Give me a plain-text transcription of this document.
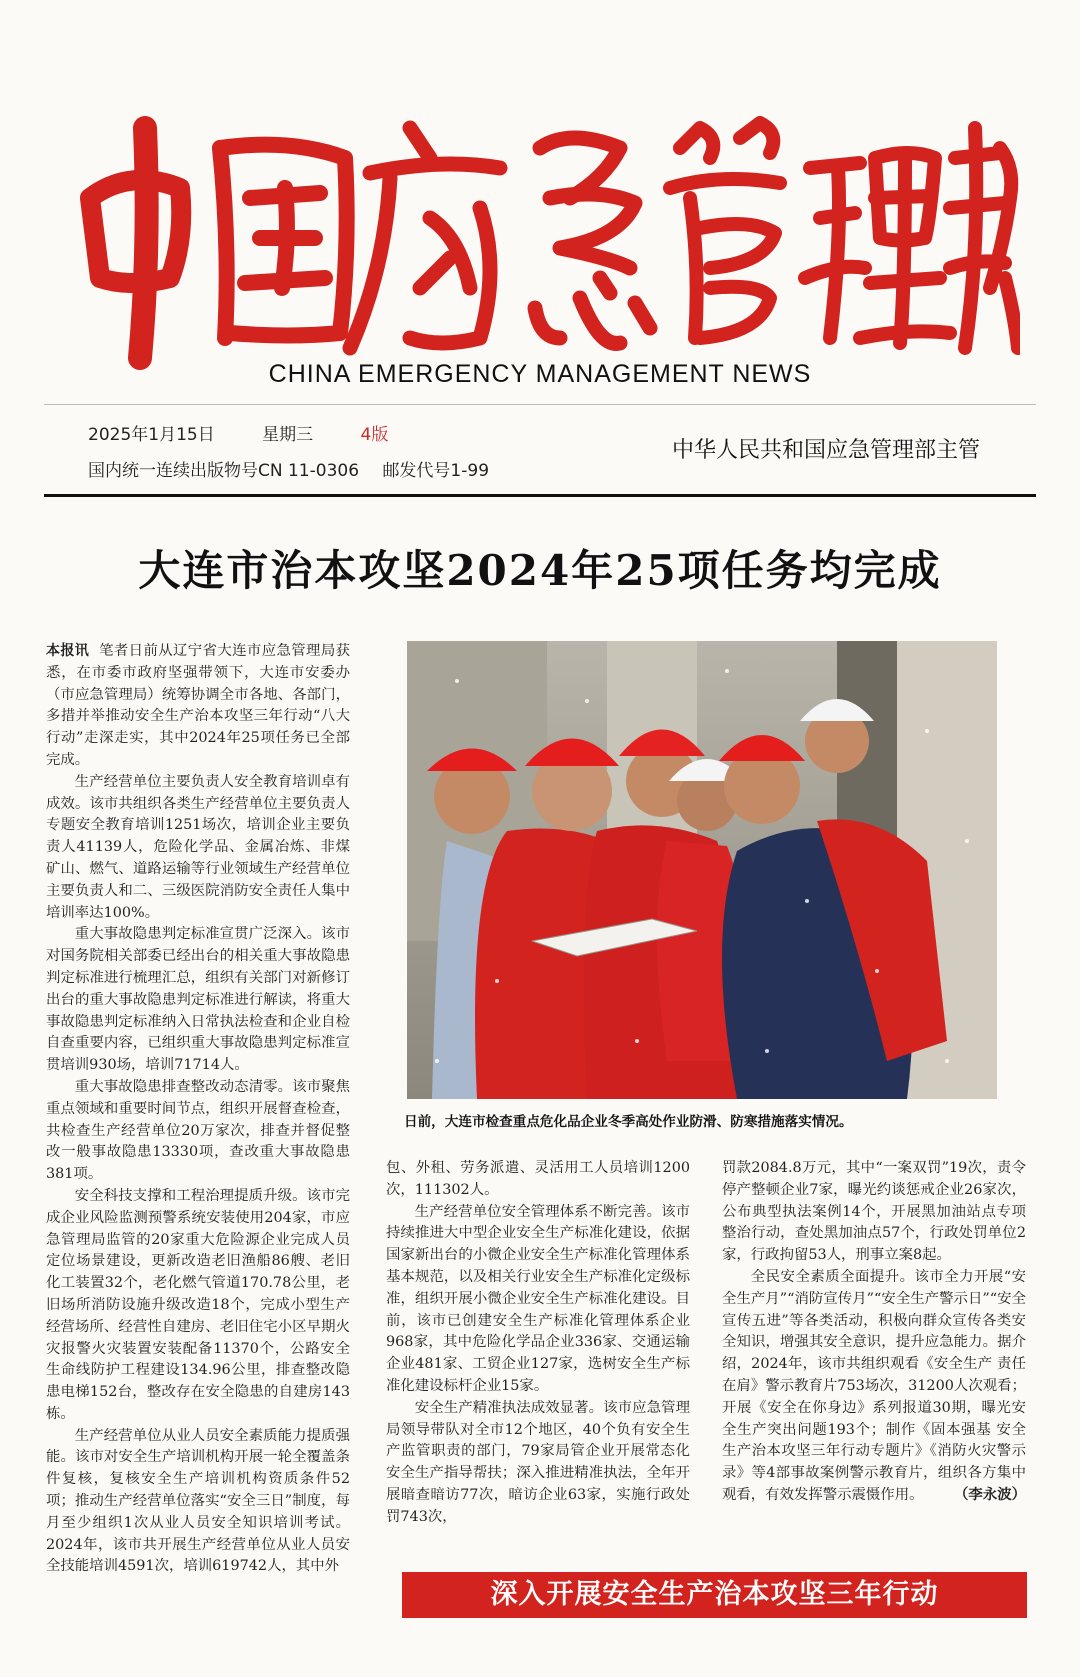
CHINA EMERGENCY MANAGEMENT NEWS
2025年1月15日	星期三	4版
国内统一连续出版物号CN 11-0306 邮发代号1-99
中华人民共和国应急管理部主管
大连市治本攻坚2024年25项任务均完成

本报讯 笔者日前从辽宁省大连市应急管理局获悉，在市委市政府坚强带领下，大连市安委办（市应急管理局）统筹协调全市各地、各部门，多措并举推动安全生产治本攻坚三年行动“八大行动”走深走实，其中2024年25项任务已全部完成。

生产经营单位主要负责人安全教育培训卓有成效。该市共组织各类生产经营单位主要负责人专题安全教育培训1251场次，培训企业主要负责人41139人，危险化学品、金属冶炼、非煤矿山、燃气、道路运输等行业领域生产经营单位主要负责人和二、三级医院消防安全责任人集中培训率达100%。

重大事故隐患判定标准宣贯广泛深入。该市对国务院相关部委已经出台的相关重大事故隐患判定标准进行梳理汇总，组织有关部门对新修订出台的重大事故隐患判定标准进行解读，将重大事故隐患判定标准纳入日常执法检查和企业自检自查重要内容，已组织重大事故隐患判定标准宣贯培训930场，培训71714人。

重大事故隐患排查整改动态清零。该市聚焦重点领域和重要时间节点，组织开展督查检查，共检查生产经营单位20万家次，排查并督促整改一般事故隐患13330项，查改重大事故隐患381项。

安全科技支撑和工程治理提质升级。该市完成企业风险监测预警系统安装使用204家，市应急管理局监管的20家重大危险源企业完成人员定位场景建设，更新改造老旧渔船86艘、老旧化工装置32个，老化燃气管道170.78公里，老旧场所消防设施升级改造18个，完成小型生产经营场所、经营性自建房、老旧住宅小区早期火灾报警火灾装置安装配备11370个，公路安全生命线防护工程建设134.96公里，排查整改隐患电梯152台，整改存在安全隐患的自建房143栋。

生产经营单位从业人员安全素质能力提质强能。该市对安全生产培训机构开展一轮全覆盖条件复核，复核安全生产培训机构资质条件52项；推动生产经营单位落实“安全三日”制度，每月至少组织1次从业人员安全知识培训考试。2024年，该市共开展生产经营单位从业人员安全技能培训4591次，培训619742人，其中外

日前，大连市检查重点危化品企业冬季高处作业防滑、防寒措施落实情况。

包、外租、劳务派遣、灵活用工人员培训1200次，111302人。

生产经营单位安全管理体系不断完善。该市持续推进大中型企业安全生产标准化建设，依据国家新出台的小微企业安全生产标准化管理体系基本规范，以及相关行业安全生产标准化定级标准，组织开展小微企业安全生产标准化建设。目前，该市已创建安全生产标准化管理体系企业968家，其中危险化学品企业336家、交通运输企业481家、工贸企业127家，选树安全生产标准化建设标杆企业15家。

安全生产精准执法成效显著。该市应急管理局领导带队对全市12个地区，40个负有安全生产监管职责的部门，79家局管企业开展常态化安全生产指导帮扶；深入推进精准执法，全年开展暗查暗访77次，暗访企业63家，实施行政处罚743次，

罚款2084.8万元，其中“一案双罚”19次，责令停产整顿企业7家，曝光约谈惩戒企业26家次，公布典型执法案例14个，开展黑加油站点专项整治行动，查处黑加油点57个，行政处罚单位2家，行政拘留53人，刑事立案8起。

全民安全素质全面提升。该市全力开展“安全生产月”“消防宣传月”“安全生产警示日”“安全宣传五进”等各类活动，积极向群众宣传各类安全知识，增强其安全意识，提升应急能力。据介绍，2024年，该市共组织观看《安全生产 责任在肩》警示教育片753场次，31200人次观看；开展《安全在你身边》系列报道30期，曝光安全生产突出问题193个；制作《固本强基 安全生产治本攻坚三年行动专题片》《消防火灾警示录》等4部事故案例警示教育片，组织各方集中观看，有效发挥警示震慑作用。	（李永波）

深入开展安全生产治本攻坚三年行动
